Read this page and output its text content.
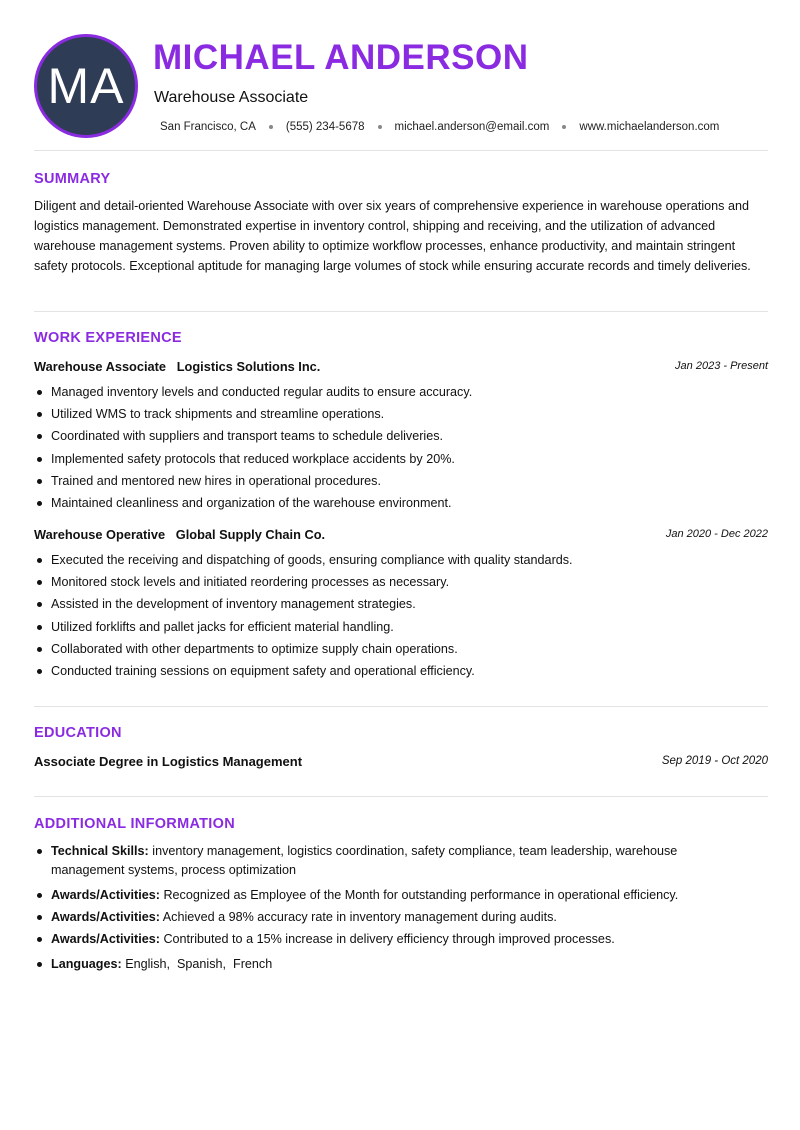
MA
MICHAEL ANDERSON
Warehouse Associate
San Francisco, CA	(555) 234-5678	michael.anderson@email.com	www.michaelanderson.com
SUMMARY

Diligent and detail-oriented Warehouse Associate with over six years of comprehensive experience in warehouse operations and logistics management. Demonstrated expertise in inventory control, shipping and receiving, and the utilization of advanced warehouse management systems. Proven ability to optimize workflow processes, enhance productivity, and maintain stringent safety protocols. Exceptional aptitude for managing large volumes of stock while ensuring accurate records and timely deliveries.

WORK EXPERIENCE
Warehouse Associate Logistics Solutions Inc.	Jan 2023 - Present
Managed inventory levels and conducted regular audits to ensure accuracy.
Utilized WMS to track shipments and streamline operations.
Coordinated with suppliers and transport teams to schedule deliveries.
Implemented safety protocols that reduced workplace accidents by 20%.
Trained and mentored new hires in operational procedures.
Maintained cleanliness and organization of the warehouse environment.
Warehouse Operative Global Supply Chain Co.	Jan 2020 - Dec 2022
Executed the receiving and dispatching of goods, ensuring compliance with quality standards.
Monitored stock levels and initiated reordering processes as necessary.
Assisted in the development of inventory management strategies.
Utilized forklifts and pallet jacks for efficient material handling.
Collaborated with other departments to optimize supply chain operations.
Conducted training sessions on equipment safety and operational efficiency.
EDUCATION
Associate Degree in Logistics Management	Sep 2019 - Oct 2020
ADDITIONAL INFORMATION
Technical Skills: inventory management, logistics coordination, safety compliance, team leadership, warehouse management systems, process optimization
Awards/Activities: Recognized as Employee of the Month for outstanding performance in operational efficiency.
Awards/Activities: Achieved a 98% accuracy rate in inventory management during audits.
Awards/Activities: Contributed to a 15% increase in delivery efficiency through improved processes.
Languages: English,  Spanish,  French
